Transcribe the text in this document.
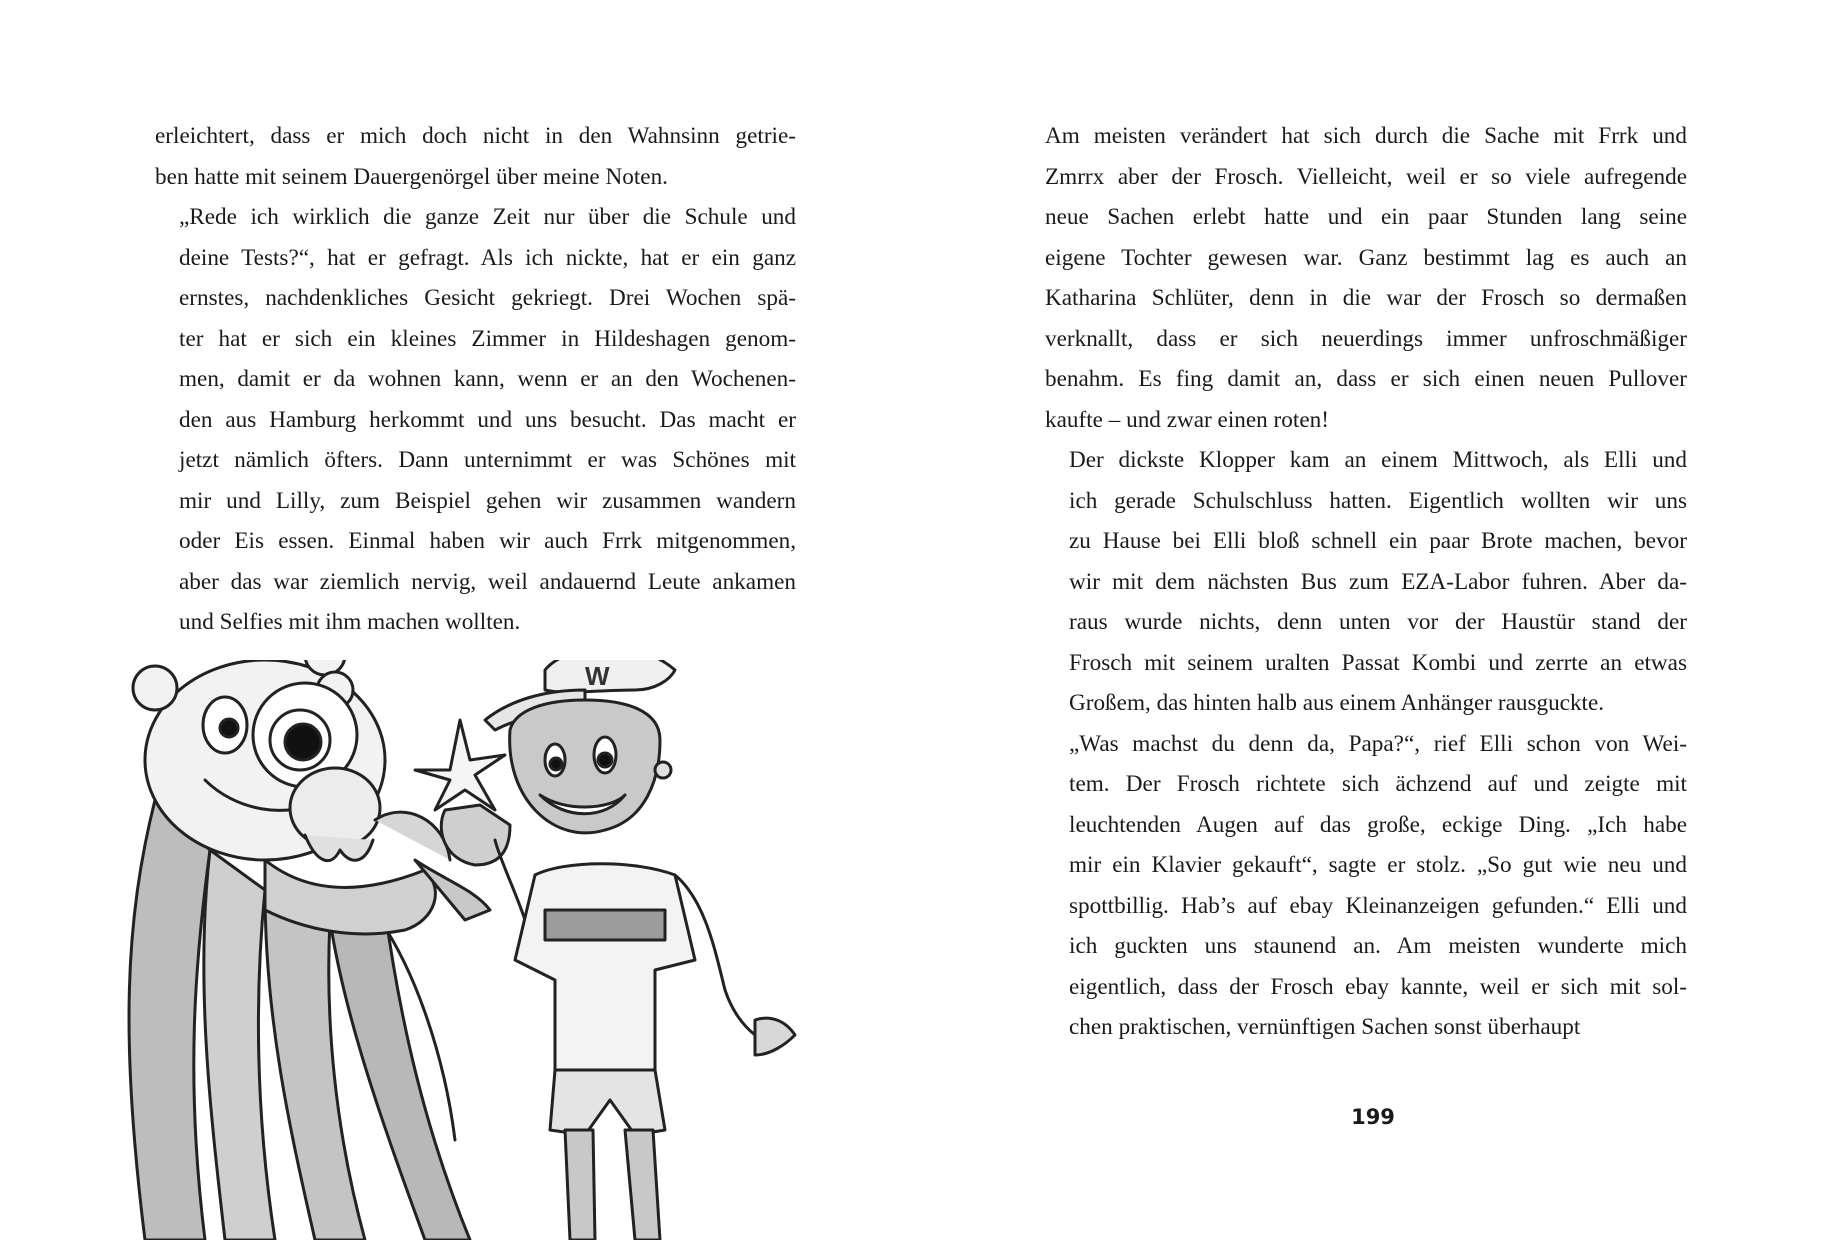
erleichtert, dass er mich doch nicht in den Wahnsinn getrie-
ben hatte mit seinem Dauergenörgel über meine Noten.

„Rede ich wirklich die ganze Zeit nur über die Schule und
deine Tests?“, hat er gefragt. Als ich nickte, hat er ein ganz
ernstes, nachdenkliches Gesicht gekriegt. Drei Wochen spä-
ter hat er sich ein kleines Zimmer in Hildeshagen genom-
men, damit er da wohnen kann, wenn er an den Wochenen-
den aus Hamburg herkommt und uns besucht. Das macht er
jetzt nämlich öfters. Dann unternimmt er was Schönes mit
mir und Lilly, zum Beispiel gehen wir zusammen wandern
oder Eis essen. Einmal haben wir auch Frrk mitgenommen,
aber das war ziemlich nervig, weil andauernd Leute ankamen
und Selfies mit ihm machen wollten.

W

Am meisten verändert hat sich durch die Sache mit Frrk und
Zmrrx aber der Frosch. Vielleicht, weil er so viele aufregende
neue Sachen erlebt hatte und ein paar Stunden lang seine
eigene Tochter gewesen war. Ganz bestimmt lag es auch an
Katharina Schlüter, denn in die war der Frosch so dermaßen
verknallt, dass er sich neuerdings immer unfroschmäßiger
benahm. Es fing damit an, dass er sich einen neuen Pullover
kaufte – und zwar einen roten!

Der dickste Klopper kam an einem Mittwoch, als Elli und
ich gerade Schulschluss hatten. Eigentlich wollten wir uns
zu Hause bei Elli bloß schnell ein paar Brote machen, bevor
wir mit dem nächsten Bus zum EZA-Labor fuhren. Aber da-
raus wurde nichts, denn unten vor der Haustür stand der
Frosch mit seinem uralten Passat Kombi und zerrte an etwas
Großem, das hinten halb aus einem Anhänger rausguckte.

„Was machst du denn da, Papa?“, rief Elli schon von Wei-
tem. Der Frosch richtete sich ächzend auf und zeigte mit
leuchtenden Augen auf das große, eckige Ding. „Ich habe
mir ein Klavier gekauft“, sagte er stolz. „So gut wie neu und
spottbillig. Hab’s auf ebay Kleinanzeigen gefunden.“ Elli und
ich guckten uns staunend an. Am meisten wunderte mich
eigentlich, dass der Frosch ebay kannte, weil er sich mit sol-
chen praktischen, vernünftigen Sachen sonst überhaupt

199
